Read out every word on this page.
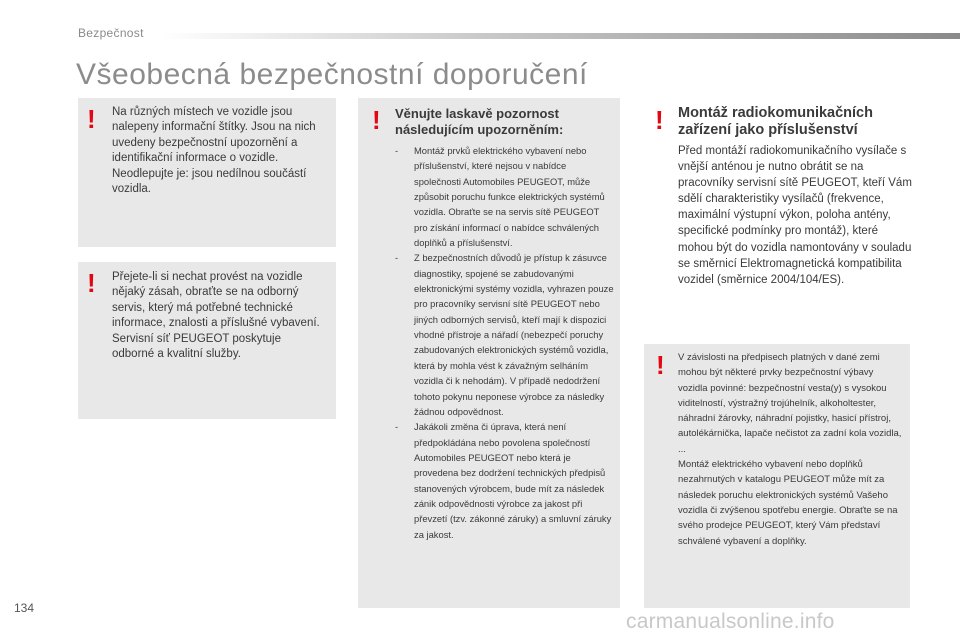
Bezpečnost
Všeobecná bezpečnostní doporučení
! Na různých místech ve vozidle jsou nalepeny informační štítky. Jsou na nich uvedeny bezpečnostní upozornění a identifikační informace o vozidle. Neodlepujte je: jsou nedílnou součástí vozidla.
! Přejete-li si nechat provést na vozidle nějaký zásah, obraťte se na odborný servis, který má potřebné technické informace, znalosti a příslušné vybavení. Servisní síť PEUGEOT poskytuje odborné a kvalitní služby.
! Věnujte laskavě pozornost následujícím upozorněním:
- Montáž prvků elektrického vybavení nebo příslušenství, které nejsou v nabídce společnosti Automobiles PEUGEOT, může způsobit poruchu funkce elektrických systémů vozidla. Obraťte se na servis sítě PEUGEOT pro získání informací o nabídce schválených doplňků a příslušenství.
- Z bezpečnostních důvodů je přístup k zásuvce diagnostiky, spojené se zabudovanými elektronickými systémy vozidla, vyhrazen pouze pro pracovníky servisní sítě PEUGEOT nebo jiných odborných servisů, kteří mají k dispozici vhodné přístroje a nářadí (nebezpečí poruchy zabudovaných elektronických systémů vozidla, která by mohla vést k závažným selháním vozidla či k nehodám). V případě nedodržení tohoto pokynu neponese výrobce za následky žádnou odpovědnost.
- Jakákoli změna či úprava, která není předpokládána nebo povolena společností Automobiles PEUGEOT nebo která je provedena bez dodržení technických předpisů stanovených výrobcem, bude mít za následek zánik odpovědnosti výrobce za jakost při převzetí (tzv. zákonné záruky) a smluvní záruky za jakost.
! Montáž radiokomunikačních zařízení jako příslušenství
Před montáží radiokomunikačního vysílače s vnější anténou je nutno obrátit se na pracovníky servisní sítě PEUGEOT, kteří Vám sdělí charakteristiky vysílačů (frekvence, maximální výstupní výkon, poloha antény, specifické podmínky pro montáž), které mohou být do vozidla namontovány v souladu se směrnicí Elektromagnetická kompatibilita vozidel (směrnice 2004/104/ES).
! V závislosti na předpisech platných v dané zemi mohou být některé prvky bezpečnostní výbavy vozidla povinné: bezpečnostní vesta(y) s vysokou viditelností, výstražný trojúhelník, alkoholtester, náhradní žárovky, náhradní pojistky, hasicí přístroj, autolékárnička, lapače nečistot za zadní kola vozidla, ...
Montáž elektrického vybavení nebo doplňků nezahrnutých v katalogu PEUGEOT může mít za následek poruchu elektronických systémů Vašeho vozidla či zvýšenou spotřebu energie. Obraťte se na svého prodejce PEUGEOT, který Vám představí schválené vybavení a doplňky.
134
carmanualsonline.info
